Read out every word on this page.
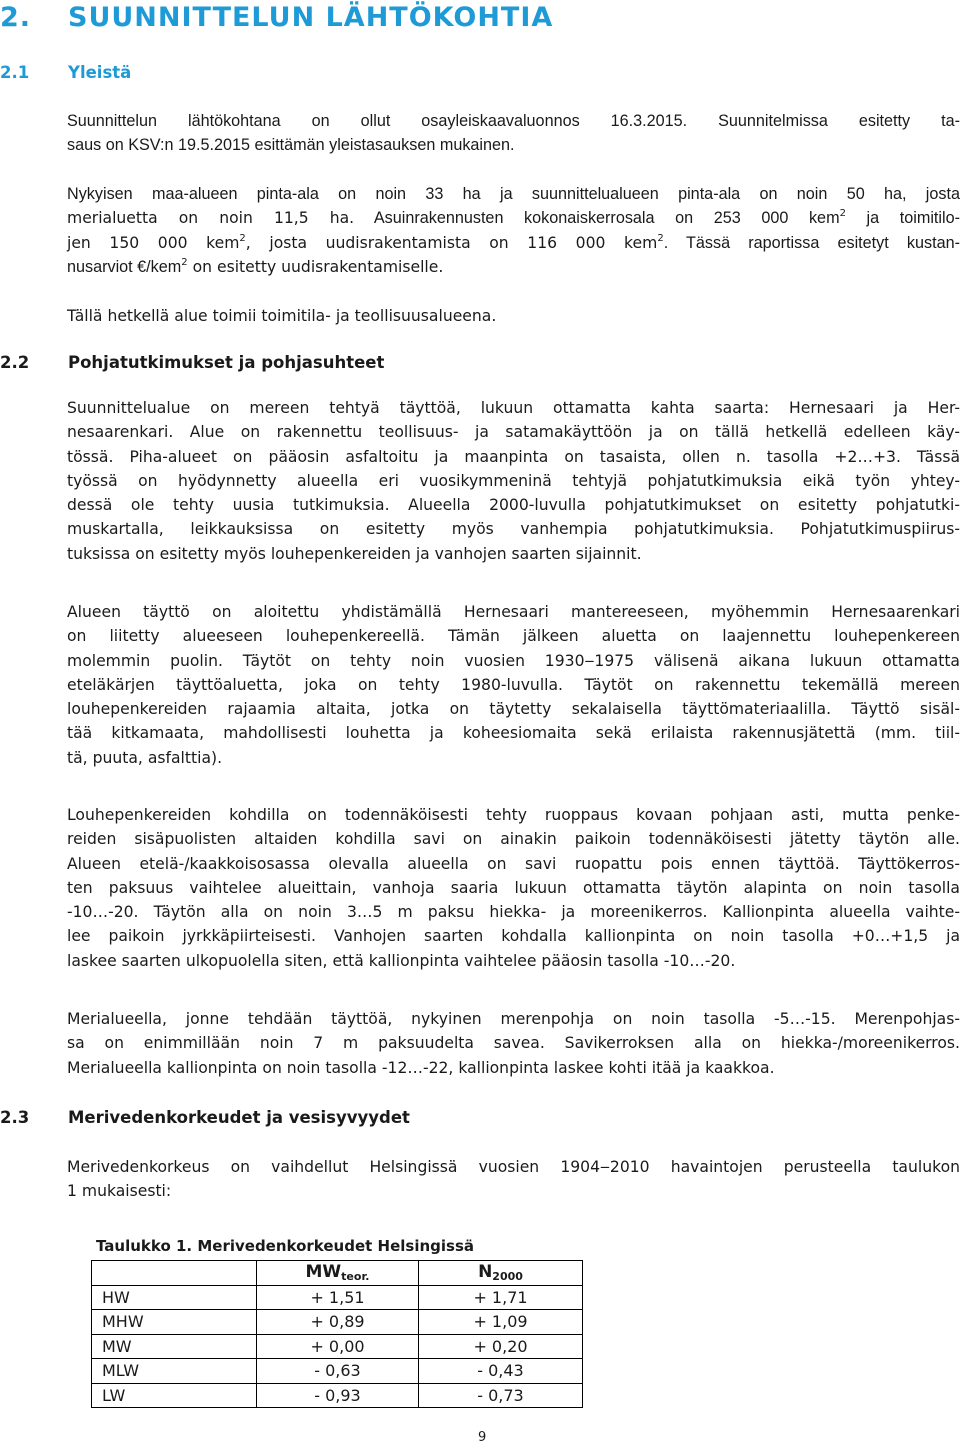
2. SUUNNITTELUN LÄHTÖKOHTIA
2.1 Yleistä
Suunnittelun lähtökohtana on ollut osayleiskaavaluonnos 16.3.2015. Suunnitelmissa esitetty ta-
saus on KSV:n 19.5.2015 esittämän yleistasauksen mukainen.
Nykyisen maa-alueen pinta-ala on noin 33 ha ja suunnittelualueen pinta-ala on noin 50 ha, josta
merialuetta on noin 11,5 ha. Asuinrakennusten kokonaiskerrosala on 253 000 kem$^2$ ja toimitilo-
jen 150 000 kem$^2$, josta uudisrakentamista on 116 000 kem$^2$. Tässä raportissa esitetyt kustan-
nusarviot €/kem$^2$ on esitetty uudisrakentamiselle.
Tällä hetkellä alue toimii toimitila- ja teollisuusalueena.
2.2 Pohjatutkimukset ja pohjasuhteet
Suunnittelualue on mereen tehtyä täyttöä, lukuun ottamatta kahta saarta: Hernesaari ja Her-
nesaarenkari. Alue on rakennettu teollisuus- ja satamakäyttöön ja on tällä hetkellä edelleen käy-
tössä. Piha-alueet on pääosin asfaltoitu ja maanpinta on tasaista, ollen n. tasolla +2…+3. Tässä
työssä on hyödynnetty alueella eri vuosikymmeninä tehtyjä pohjatutkimuksia eikä työn yhtey-
dessä ole tehty uusia tutkimuksia. Alueella 2000-luvulla pohjatutkimukset on esitetty pohjatutki-
muskartalla, leikkauksissa on esitetty myös vanhempia pohjatutkimuksia. Pohjatutkimuspiirus-
tuksissa on esitetty myös louhepenkereiden ja vanhojen saarten sijainnit.
Alueen täyttö on aloitettu yhdistämällä Hernesaari mantereeseen, myöhemmin Hernesaarenkari
on liitetty alueeseen louhepenkereellä. Tämän jälkeen aluetta on laajennettu louhepenkereen
molemmin puolin. Täytöt on tehty noin vuosien 1930‒1975 välisenä aikana lukuun ottamatta
eteläkärjen täyttöaluetta, joka on tehty 1980-luvulla. Täytöt on rakennettu tekemällä mereen
louhepenkereiden rajaamia altaita, jotka on täytetty sekalaisella täyttömateriaalilla. Täyttö sisäl-
tää kitkamaata, mahdollisesti louhetta ja koheesiomaita sekä erilaista rakennusjätettä (mm. tiil-
tä, puuta, asfalttia).
Louhepenkereiden kohdilla on todennäköisesti tehty ruoppaus kovaan pohjaan asti, mutta penke-
reiden sisäpuolisten altaiden kohdilla savi on ainakin paikoin todennäköisesti jätetty täytön alle.
Alueen etelä-/kaakkoisosassa olevalla alueella on savi ruopattu pois ennen täyttöä. Täyttökerros-
ten paksuus vaihtelee alueittain, vanhoja saaria lukuun ottamatta täytön alapinta on noin tasolla
-10…-20. Täytön alla on noin 3…5 m paksu hiekka- ja moreenikerros. Kallionpinta alueella vaihte-
lee paikoin jyrkkäpiirteisesti. Vanhojen saarten kohdalla kallionpinta on noin tasolla +0…+1,5 ja
laskee saarten ulkopuolella siten, että kallionpinta vaihtelee pääosin tasolla -10…-20.
Merialueella, jonne tehdään täyttöä, nykyinen merenpohja on noin tasolla -5…-15. Merenpohjas-
sa on enimmillään noin 7 m paksuudelta savea. Savikerroksen alla on hiekka-/moreenikerros.
Merialueella kallionpinta on noin tasolla -12…-22, kallionpinta laskee kohti itää ja kaakkoa.
2.3 Merivedenkorkeudet ja vesisyvyydet
Merivedenkorkeus on vaihdellut Helsingissä vuosien 1904‒2010 havaintojen perusteella taulukon
1 mukaisesti:
Taulukko 1. Merivedenkorkeudet Helsingissä
	$MW_{teor.}$	$N_{2000}$
HW	+ 1,51	+ 1,71
MHW	+ 0,89	+ 1,09
MW	+ 0,00	+ 0,20
MLW	- 0,63	- 0,43
LW	- 0,93	- 0,73
9
